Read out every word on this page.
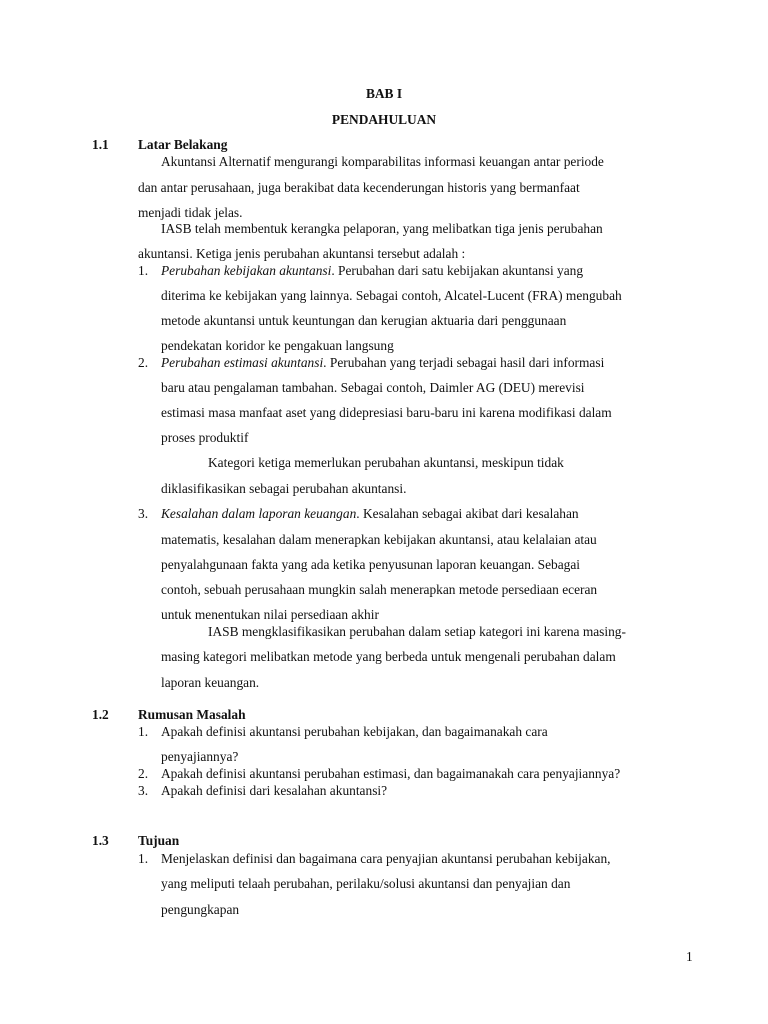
BAB I
PENDAHULUAN
1.1 Latar Belakang
Akuntansi Alternatif mengurangi komparabilitas informasi keuangan antar periode
dan antar perusahaan, juga berakibat data kecenderungan historis yang bermanfaat
menjadi tidak jelas.
IASB telah membentuk kerangka pelaporan, yang melibatkan tiga jenis perubahan
akuntansi. Ketiga jenis perubahan akuntansi tersebut adalah :
1. Perubahan kebijakan akuntansi. Perubahan dari satu kebijakan akuntansi yang
diterima ke kebijakan yang lainnya. Sebagai contoh, Alcatel-Lucent (FRA) mengubah
metode akuntansi untuk keuntungan dan kerugian aktuaria dari penggunaan
pendekatan koridor ke pengakuan langsung
2. Perubahan estimasi akuntansi. Perubahan yang terjadi sebagai hasil dari informasi
baru atau pengalaman tambahan. Sebagai contoh, Daimler AG (DEU) merevisi
estimasi masa manfaat aset yang didepresiasi baru-baru ini karena modifikasi dalam
proses produktif
Kategori ketiga memerlukan perubahan akuntansi, meskipun tidak
diklasifikasikan sebagai perubahan akuntansi.
3. Kesalahan dalam laporan keuangan. Kesalahan sebagai akibat dari kesalahan
matematis, kesalahan dalam menerapkan kebijakan akuntansi, atau kelalaian atau
penyalahgunaan fakta yang ada ketika penyusunan laporan keuangan. Sebagai
contoh, sebuah perusahaan mungkin salah menerapkan metode persediaan eceran
untuk menentukan nilai persediaan akhir
IASB mengklasifikasikan perubahan dalam setiap kategori ini karena masing-
masing kategori melibatkan metode yang berbeda untuk mengenali perubahan dalam
laporan keuangan.
1.2 Rumusan Masalah
1. Apakah definisi akuntansi perubahan kebijakan, dan bagaimanakah cara
penyajiannya?
2. Apakah definisi akuntansi perubahan estimasi, dan bagaimanakah cara penyajiannya?
3. Apakah definisi dari kesalahan akuntansi?
1.3 Tujuan
1. Menjelaskan definisi dan bagaimana cara penyajian akuntansi perubahan kebijakan,
yang meliputi telaah perubahan, perilaku/solusi akuntansi dan penyajian dan
pengungkapan
1
